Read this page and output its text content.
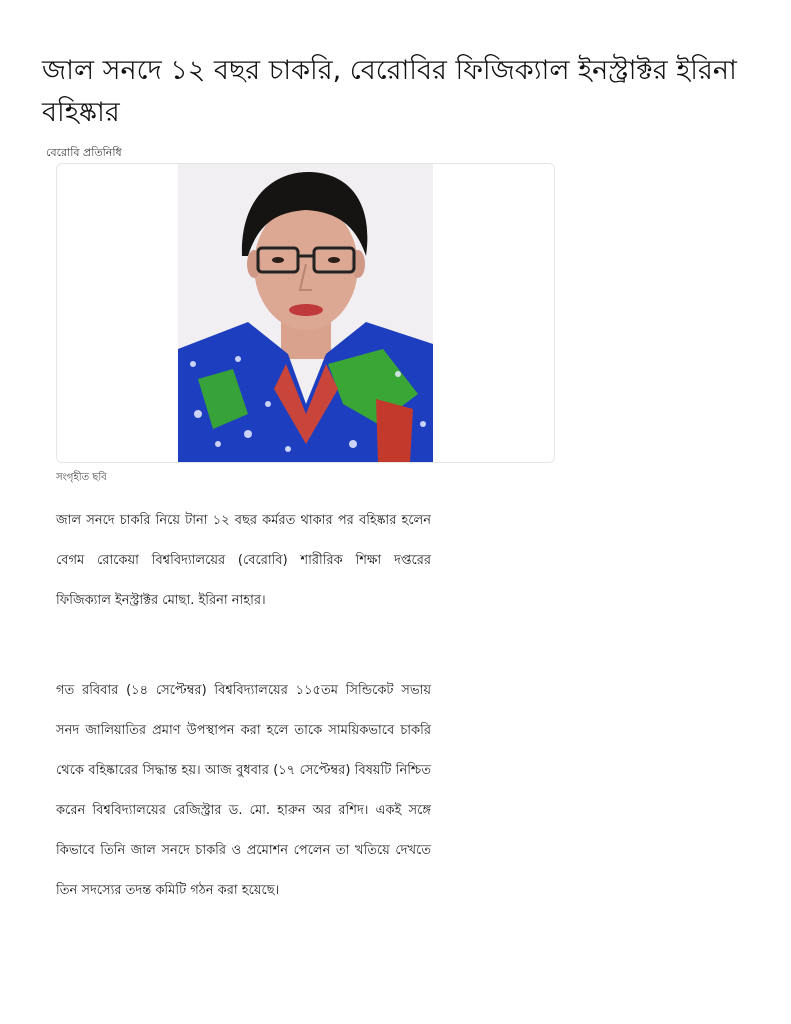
জাল সনদে ১২ বছর চাকরি, বেরোবির ফিজিক্যাল ইনস্ট্রাক্টর ইরিনা বহিষ্কার
বেরোবি প্রতিনিধি
সংগৃহীত ছবি

জাল সনদে চাকরি নিয়ে টানা ১২ বছর কর্মরত থাকার পর বহিষ্কার হলেন বেগম রোকেয়া বিশ্ববিদ্যালয়ের (বেরোবি) শারীরিক শিক্ষা দপ্তরের ফিজিক্যাল ইনস্ট্রাক্টর মোছা. ইরিনা নাহার।

গত রবিবার (১৪ সেপ্টেম্বর) বিশ্ববিদ্যালয়ের ১১৫তম সিন্ডিকেট সভায় সনদ জালিয়াতির প্রমাণ উপস্থাপন করা হলে তাকে সাময়িকভাবে চাকরি থেকে বহিষ্কারের সিদ্ধান্ত হয়। আজ বুধবার (১৭ সেপ্টেম্বর) বিষয়টি নিশ্চিত করেন বিশ্ববিদ্যালয়ের রেজিস্ট্রার ড. মো. হারুন অর রশিদ। একই সঙ্গে কিভাবে তিনি জাল সনদে চাকরি ও প্রমোশন পেলেন তা খতিয়ে দেখতে তিন সদস্যের তদন্ত কমিটি গঠন করা হয়েছে।
